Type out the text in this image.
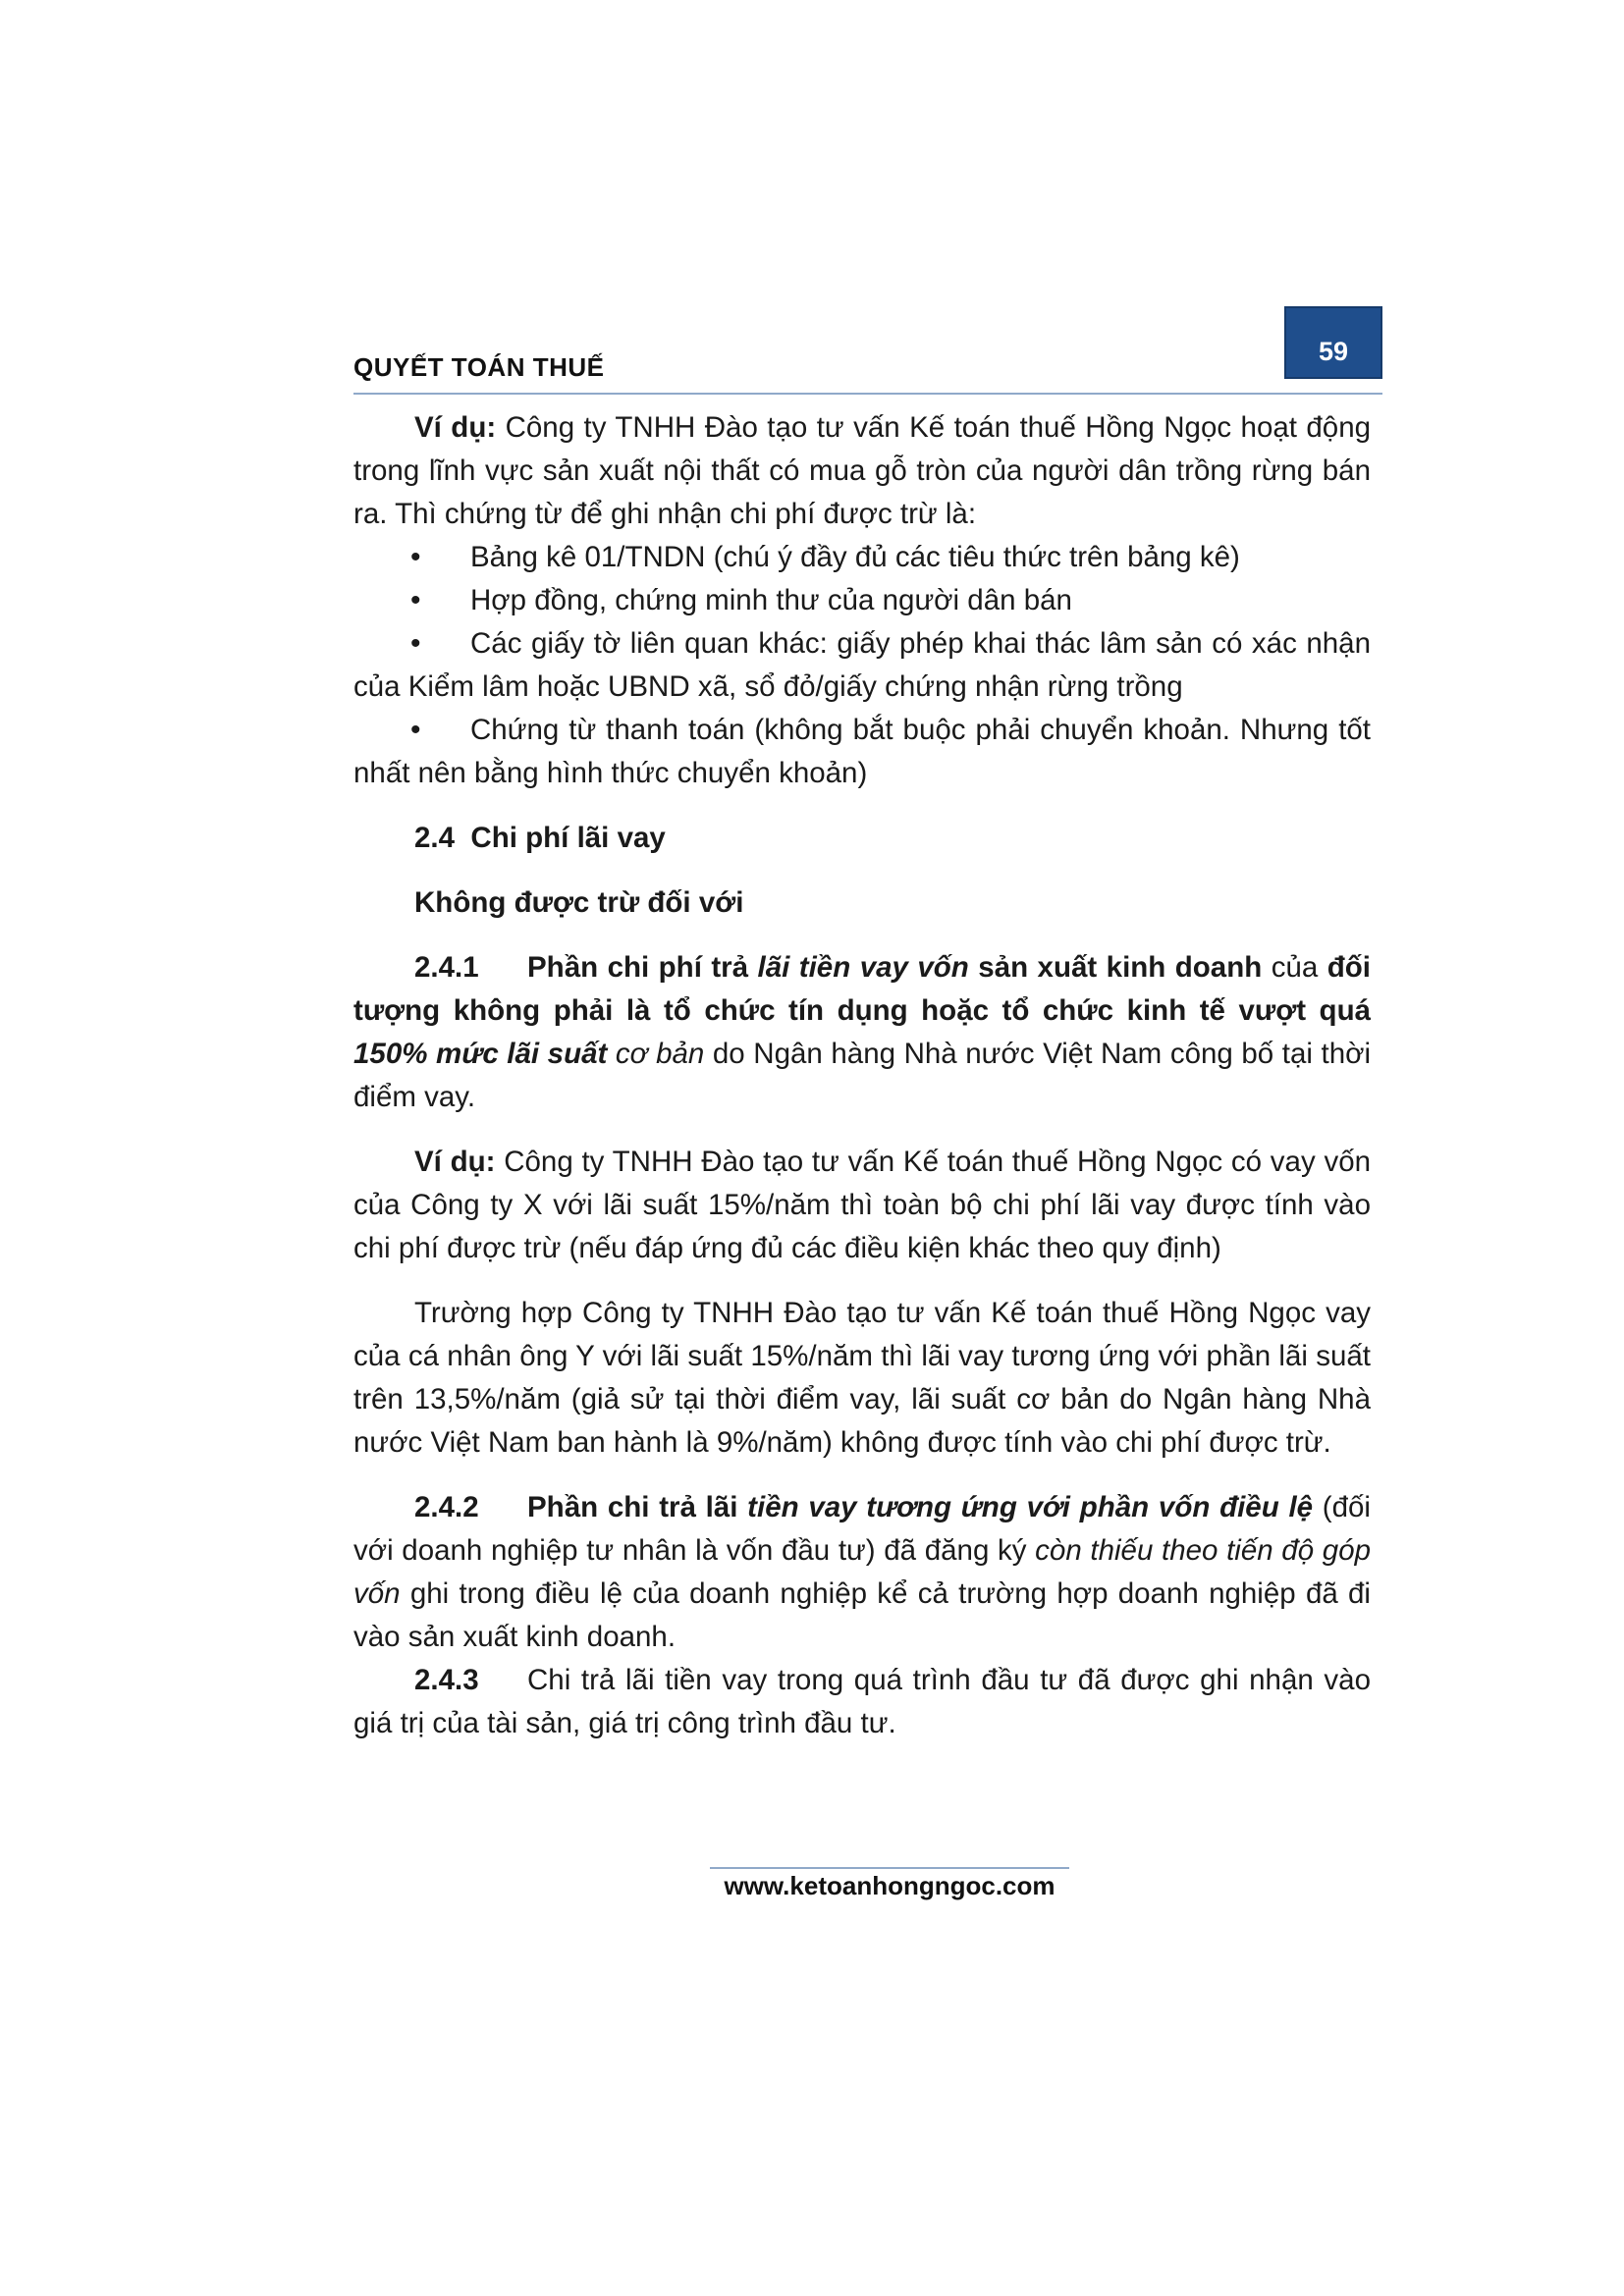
QUYẾT TOÁN THUẾ
59

Ví dụ: Công ty TNHH Đào tạo tư vấn Kế toán thuế Hồng Ngọc hoạt động trong lĩnh vực sản xuất nội thất có mua gỗ tròn của người dân trồng rừng bán ra. Thì chứng từ để ghi nhận chi phí được trừ là:

• Bảng kê 01/TNDN (chú ý đầy đủ các tiêu thức trên bảng kê)
• Hợp đồng, chứng minh thư của người dân bán
• Các giấy tờ liên quan khác: giấy phép khai thác lâm sản có xác nhận của Kiểm lâm hoặc UBND xã, sổ đỏ/giấy chứng nhận rừng trồng
• Chứng từ thanh toán (không bắt buộc phải chuyển khoản. Nhưng tốt nhất nên bằng hình thức chuyển khoản)

2.4 Chi phí lãi vay

Không được trừ đối với

2.4.1 Phần chi phí trả lãi tiền vay vốn sản xuất kinh doanh của đối tượng không phải là tổ chức tín dụng hoặc tổ chức kinh tế vượt quá 150% mức lãi suất cơ bản do Ngân hàng Nhà nước Việt Nam công bố tại thời điểm vay.

Ví dụ: Công ty TNHH Đào tạo tư vấn Kế toán thuế Hồng Ngọc có vay vốn của Công ty X với lãi suất 15%/năm thì toàn bộ chi phí lãi vay được tính vào chi phí được trừ (nếu đáp ứng đủ các điều kiện khác theo quy định)

Trường hợp Công ty TNHH Đào tạo tư vấn Kế toán thuế Hồng Ngọc vay của cá nhân ông Y với lãi suất 15%/năm thì lãi vay tương ứng với phần lãi suất trên 13,5%/năm (giả sử tại thời điểm vay, lãi suất cơ bản do Ngân hàng Nhà nước Việt Nam ban hành là 9%/năm) không được tính vào chi phí được trừ.

2.4.2 Phần chi trả lãi tiền vay tương ứng với phần vốn điều lệ (đối với doanh nghiệp tư nhân là vốn đầu tư) đã đăng ký còn thiếu theo tiến độ góp vốn ghi trong điều lệ của doanh nghiệp kể cả trường hợp doanh nghiệp đã đi vào sản xuất kinh doanh.

2.4.3 Chi trả lãi tiền vay trong quá trình đầu tư đã được ghi nhận vào giá trị của tài sản, giá trị công trình đầu tư.

www.ketoanhongngoc.com
